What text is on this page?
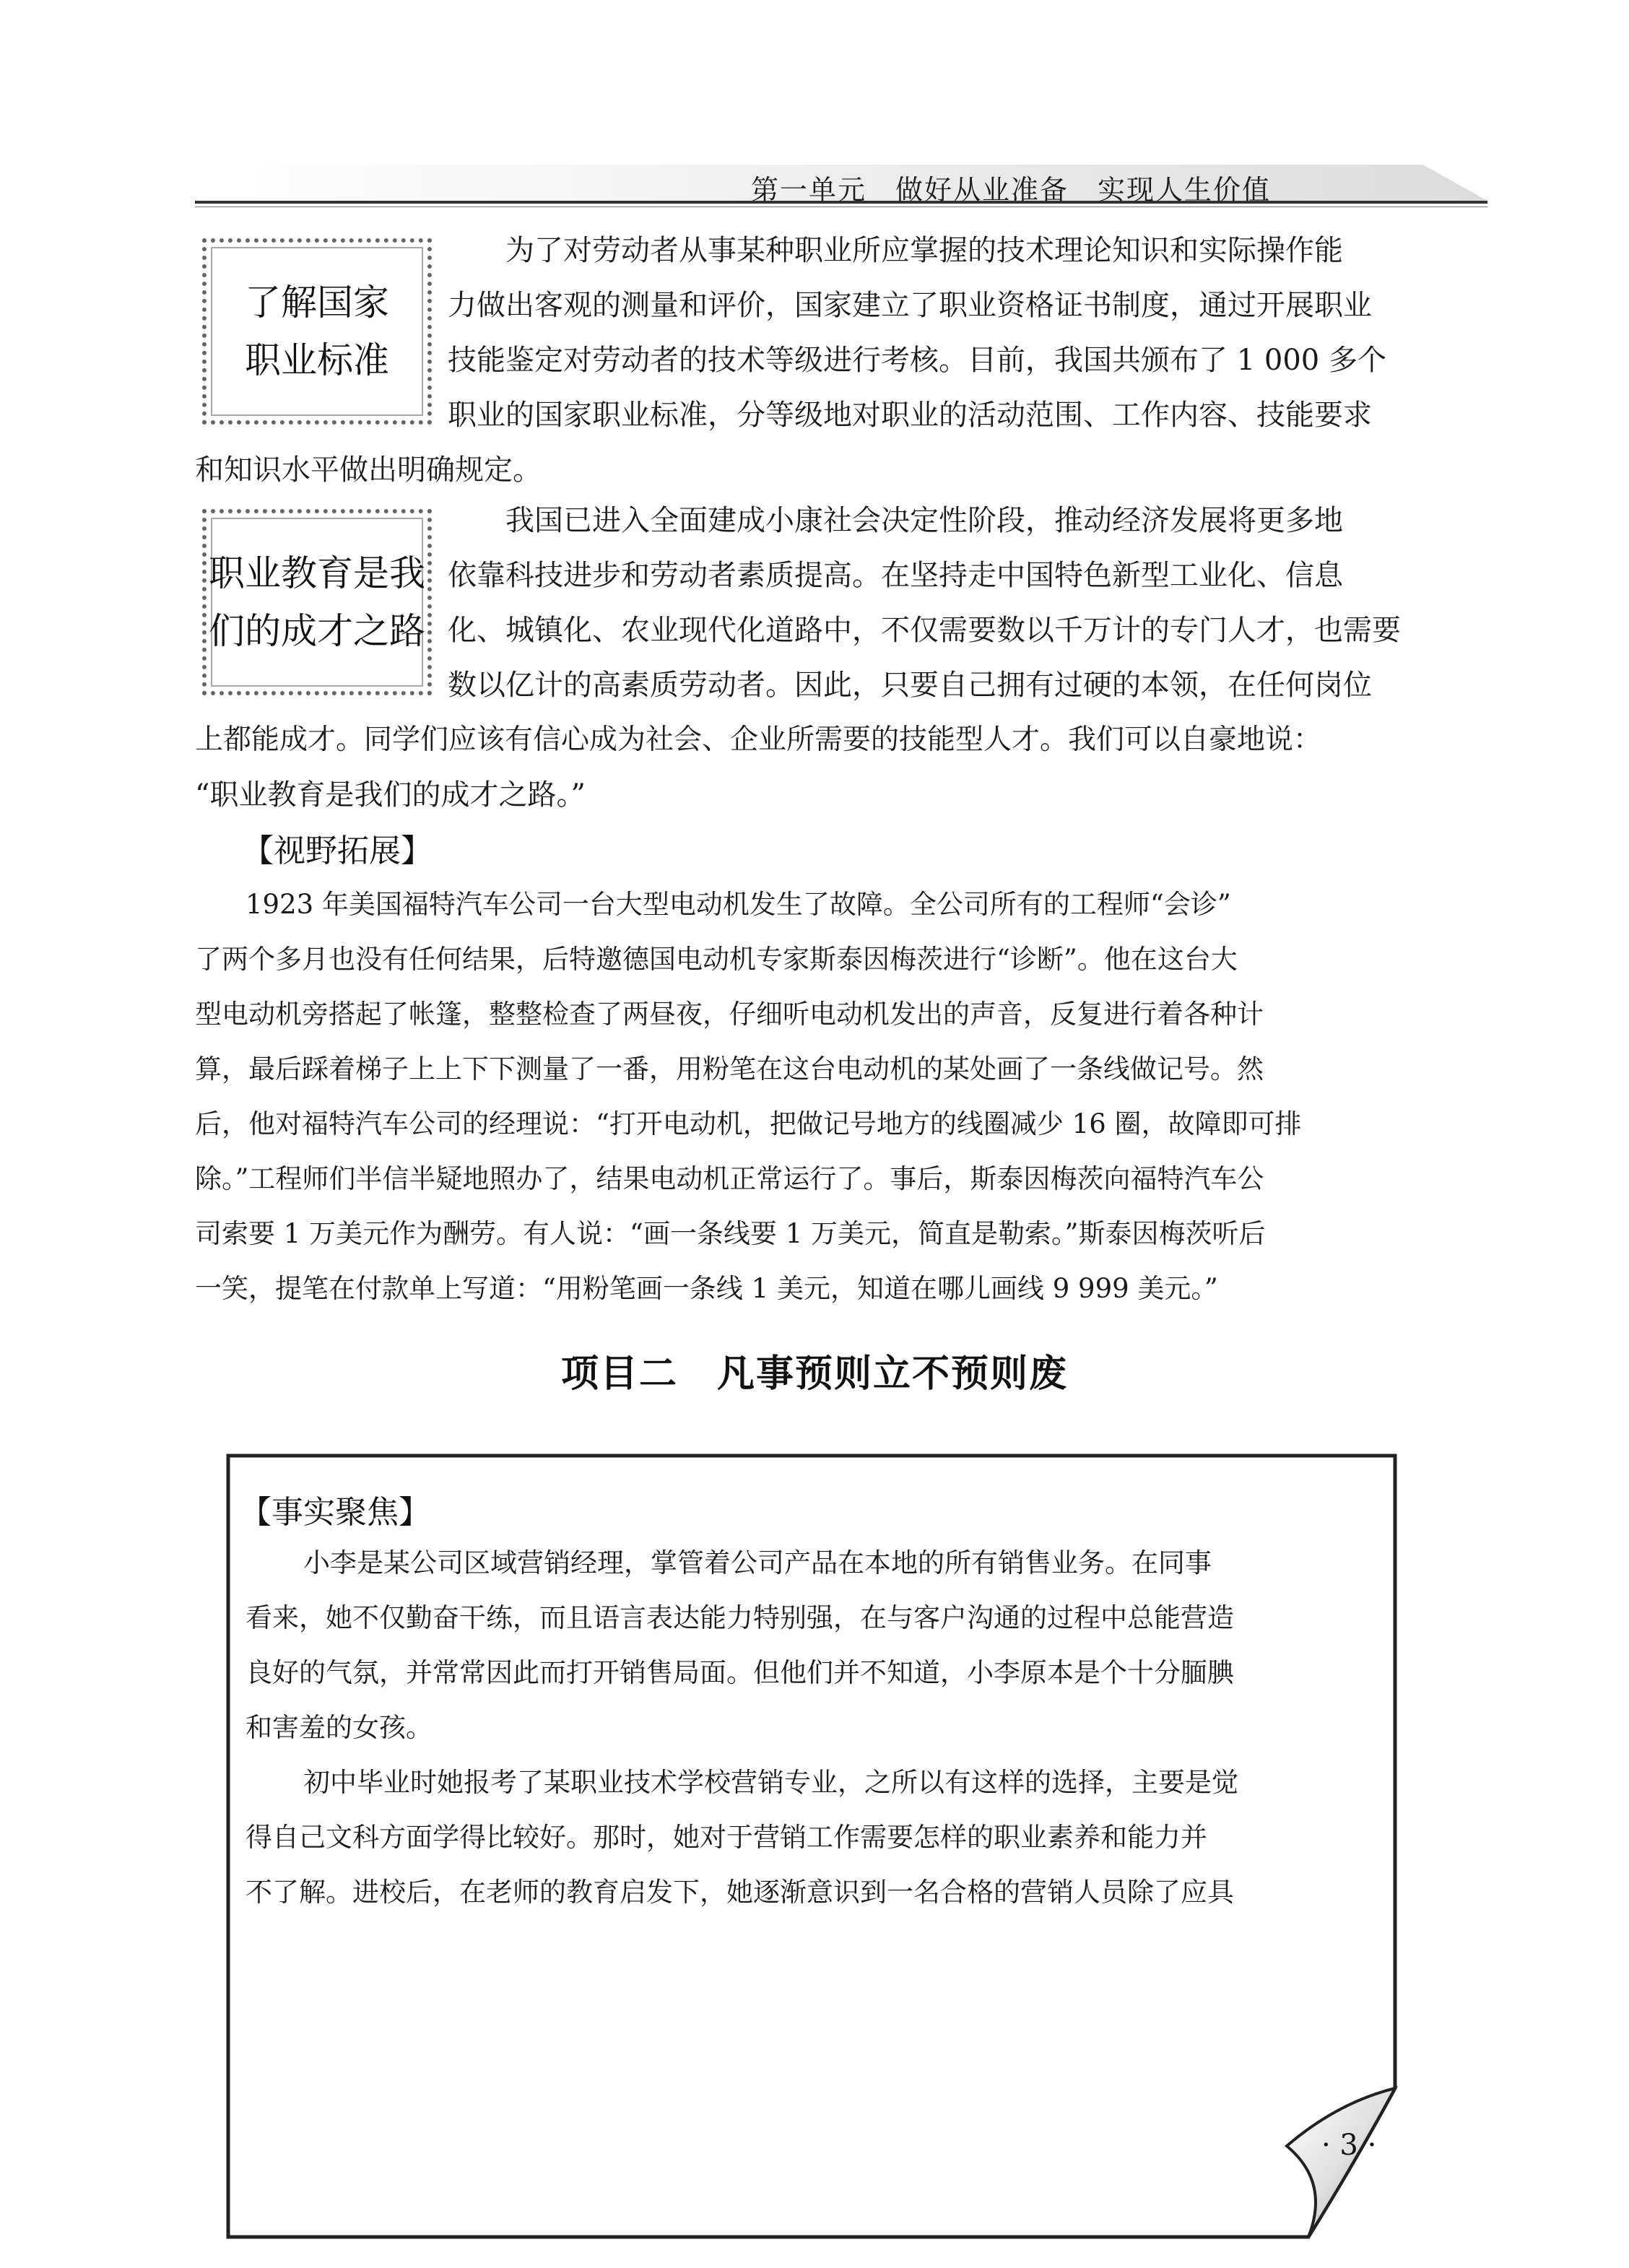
第一单元　做好从业准备　实现人生价值
了解国家
职业标准
为了对劳动者从事某种职业所应掌握的技术理论知识和实际操作能
力做出客观的测量和评价，国家建立了职业资格证书制度，通过开展职业
技能鉴定对劳动者的技术等级进行考核。目前，我国共颁布了 1 000 多个
职业的国家职业标准，分等级地对职业的活动范围、工作内容、技能要求
和知识水平做出明确规定。
职业教育是我
们的成才之路
我国已进入全面建成小康社会决定性阶段，推动经济发展将更多地
依靠科技进步和劳动者素质提高。在坚持走中国特色新型工业化、信息
化、城镇化、农业现代化道路中，不仅需要数以千万计的专门人才，也需要
数以亿计的高素质劳动者。因此，只要自己拥有过硬的本领，在任何岗位
上都能成才。同学们应该有信心成为社会、企业所需要的技能型人才。我们可以自豪地说：
“职业教育是我们的成才之路。”
【视野拓展】
1923 年美国福特汽车公司一台大型电动机发生了故障。全公司所有的工程师“会诊”
了两个多月也没有任何结果，后特邀德国电动机专家斯泰因梅茨进行“诊断”。他在这台大
型电动机旁搭起了帐篷，整整检查了两昼夜，仔细听电动机发出的声音，反复进行着各种计
算，最后踩着梯子上上下下测量了一番，用粉笔在这台电动机的某处画了一条线做记号。然
后，他对福特汽车公司的经理说：“打开电动机，把做记号地方的线圈减少 16 圈，故障即可排
除。”工程师们半信半疑地照办了，结果电动机正常运行了。事后，斯泰因梅茨向福特汽车公
司索要 1 万美元作为酬劳。有人说：“画一条线要 1 万美元，简直是勒索。”斯泰因梅茨听后
一笑，提笔在付款单上写道：“用粉笔画一条线 1 美元，知道在哪儿画线 9 999 美元。”
项目二　凡事预则立不预则废
【事实聚焦】
小李是某公司区域营销经理，掌管着公司产品在本地的所有销售业务。在同事
看来，她不仅勤奋干练，而且语言表达能力特别强，在与客户沟通的过程中总能营造
良好的气氛，并常常因此而打开销售局面。但他们并不知道，小李原本是个十分腼腆
和害羞的女孩。
初中毕业时她报考了某职业技术学校营销专业，之所以有这样的选择，主要是觉
得自己文科方面学得比较好。那时，她对于营销工作需要怎样的职业素养和能力并
不了解。进校后，在老师的教育启发下，她逐渐意识到一名合格的营销人员除了应具
· 3 ·
